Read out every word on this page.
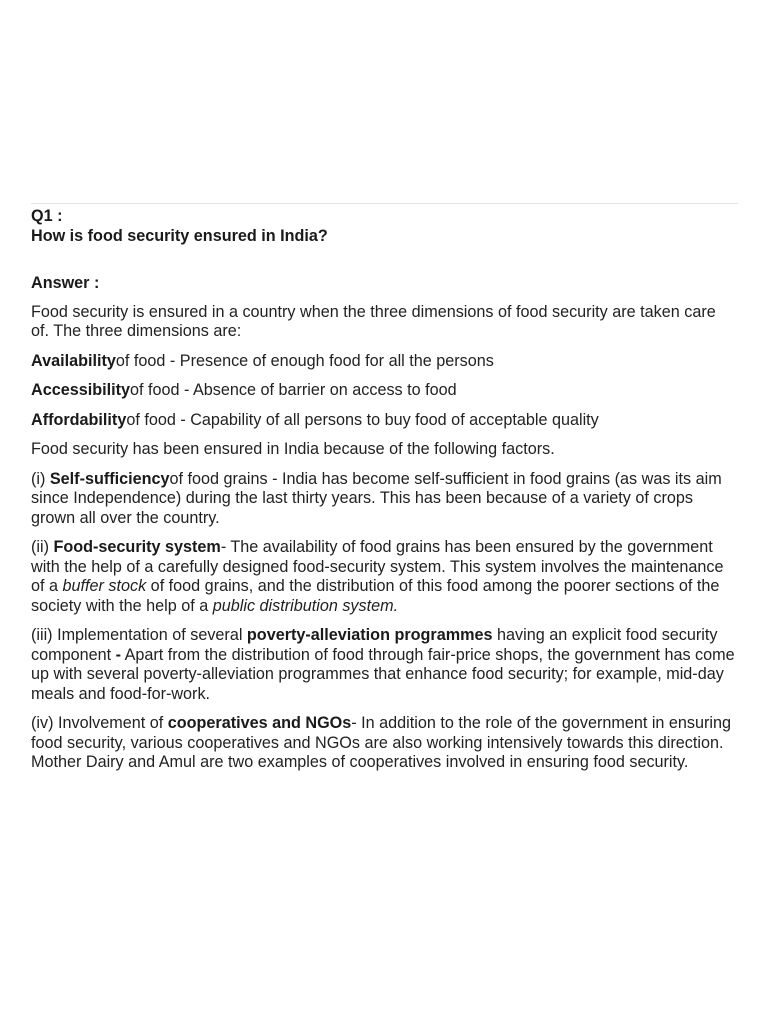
Q1 :
How is food security ensured in India?
Answer :

Food security is ensured in a country when the three dimensions of food security are taken care of. The three dimensions are:

Availabilityof food - Presence of enough food for all the persons

Accessibilityof food - Absence of barrier on access to food

Affordabilityof food - Capability of all persons to buy food of acceptable quality

Food security has been ensured in India because of the following factors.

(i) Self-sufficiencyof food grains - India has become self-sufficient in food grains (as was its aim since Independence) during the last thirty years. This has been because of a variety of crops grown all over the country.

(ii) Food-security system- The availability of food grains has been ensured by the government with the help of a carefully designed food-security system. This system involves the maintenance of a buffer stock of food grains, and the distribution of this food among the poorer sections of the society with the help of a public distribution system.

(iii) Implementation of several poverty-alleviation programmes having an explicit food security component - Apart from the distribution of food through fair-price shops, the government has come up with several poverty-alleviation programmes that enhance food security; for example, mid-day meals and food-for-work.

(iv) Involvement of cooperatives and NGOs- In addition to the role of the government in ensuring food security, various cooperatives and NGOs are also working intensively towards this direction. Mother Dairy and Amul are two examples of cooperatives involved in ensuring food security.
